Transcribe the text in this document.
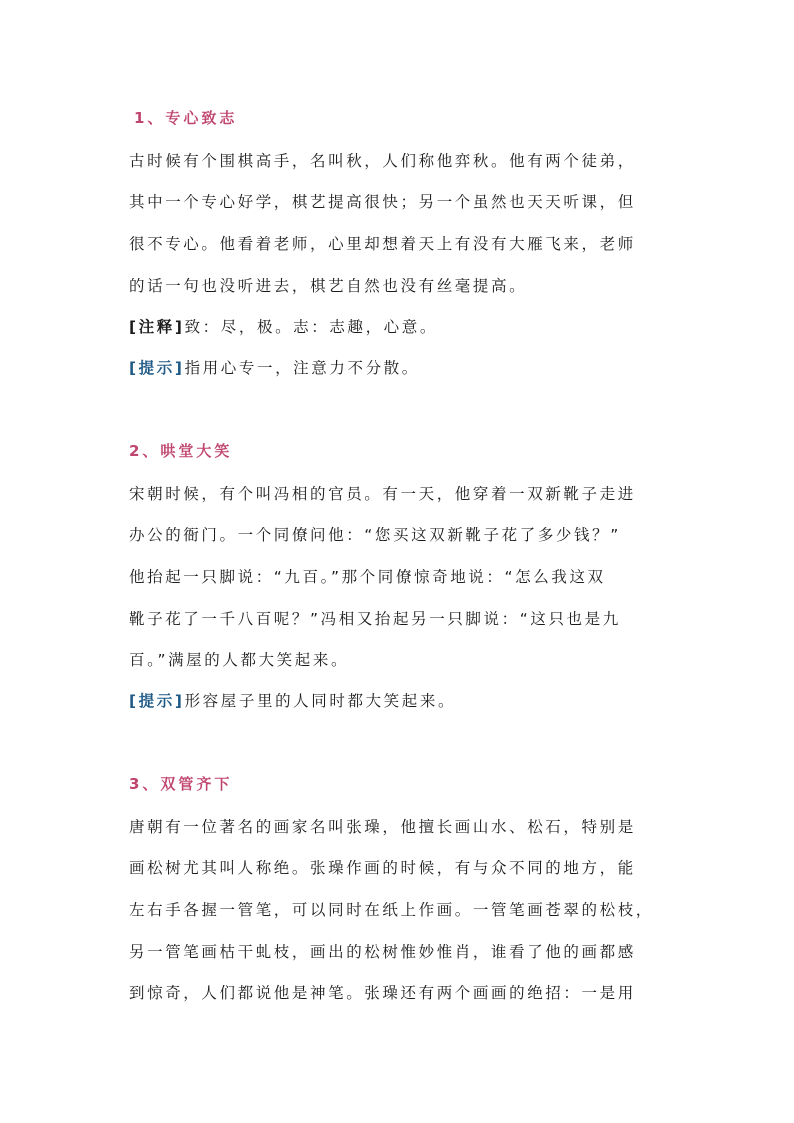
1、专心致志
古时候有个围棋高手，名叫秋，人们称他弈秋。他有两个徒弟，
其中一个专心好学，棋艺提高很快；另一个虽然也天天听课，但
很不专心。他看着老师，心里却想着天上有没有大雁飞来，老师
的话一句也没听进去，棋艺自然也没有丝毫提高。
[注释]致：尽，极。志：志趣，心意。
[提示]指用心专一，注意力不分散。
2、哄堂大笑
宋朝时候，有个叫冯相的官员。有一天，他穿着一双新靴子走进
办公的衙门。一个同僚问他：“您买这双新靴子花了多少钱？”
他抬起一只脚说：“九百。”那个同僚惊奇地说：“怎么我这双
靴子花了一千八百呢？”冯相又抬起另一只脚说：“这只也是九
百。”满屋的人都大笑起来。
[提示]形容屋子里的人同时都大笑起来。
3、双管齐下
唐朝有一位著名的画家名叫张璪，他擅长画山水、松石，特别是
画松树尤其叫人称绝。张璪作画的时候，有与众不同的地方，能
左右手各握一管笔，可以同时在纸上作画。一管笔画苍翠的松枝，
另一管笔画枯干虬枝，画出的松树惟妙惟肖，谁看了他的画都感
到惊奇，人们都说他是神笔。张璪还有两个画画的绝招：一是用
